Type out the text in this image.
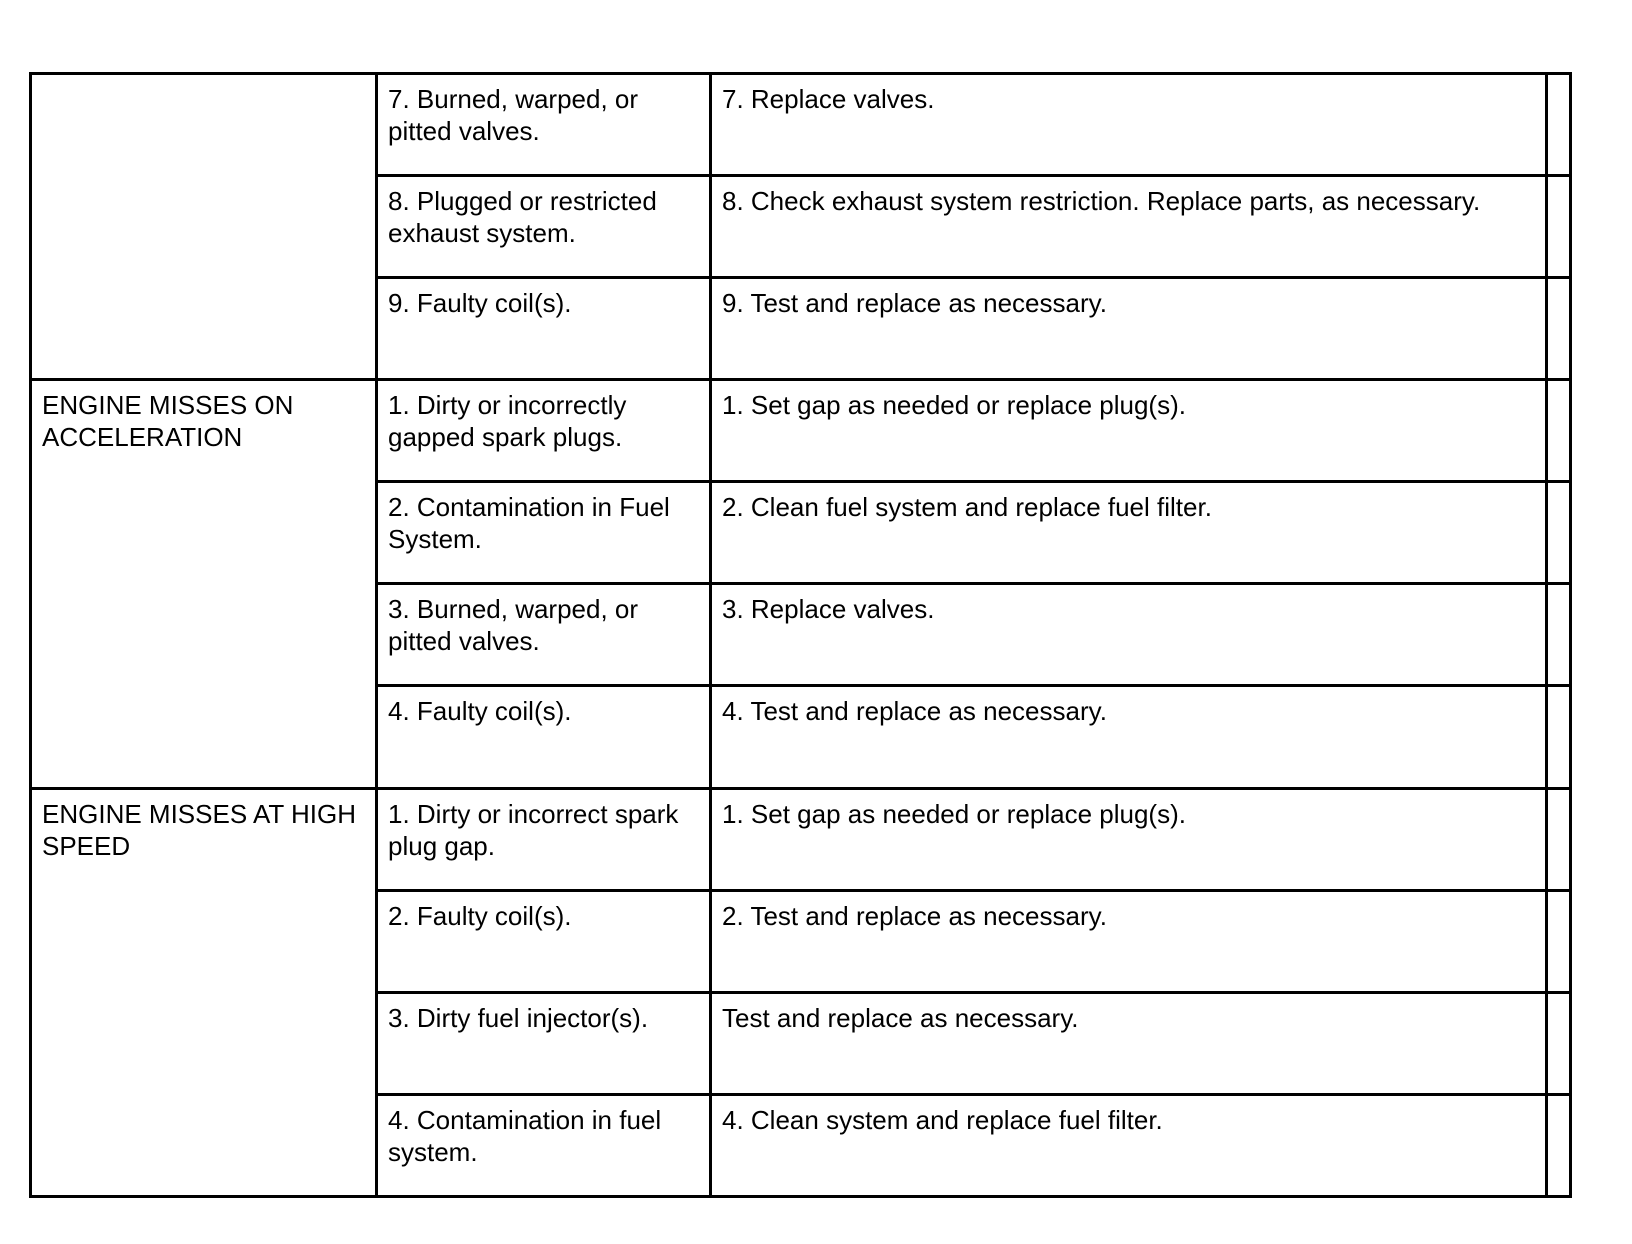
	7. Burned, warped, or pitted valves.	7. Replace valves.	
	8. Plugged or restricted exhaust system.	8. Check exhaust system restriction. Replace parts, as necessary.	
	9. Faulty coil(s).	9. Test and replace as necessary.	
ENGINE MISSES ON ACCELERATION	1. Dirty or incorrectly gapped spark plugs.	1. Set gap as needed or replace plug(s).	
	2. Contamination in Fuel System.	2. Clean fuel system and replace fuel filter.	
	3. Burned, warped, or pitted valves.	3. Replace valves.	
	4. Faulty coil(s).	4. Test and replace as necessary.	
ENGINE MISSES AT HIGH SPEED	1. Dirty or incorrect spark plug gap.	1. Set gap as needed or replace plug(s).	
	2. Faulty coil(s).	2. Test and replace as necessary.	
	3. Dirty fuel injector(s).	Test and replace as necessary.	
	4. Contamination in fuel system.	4. Clean system and replace fuel filter.	
